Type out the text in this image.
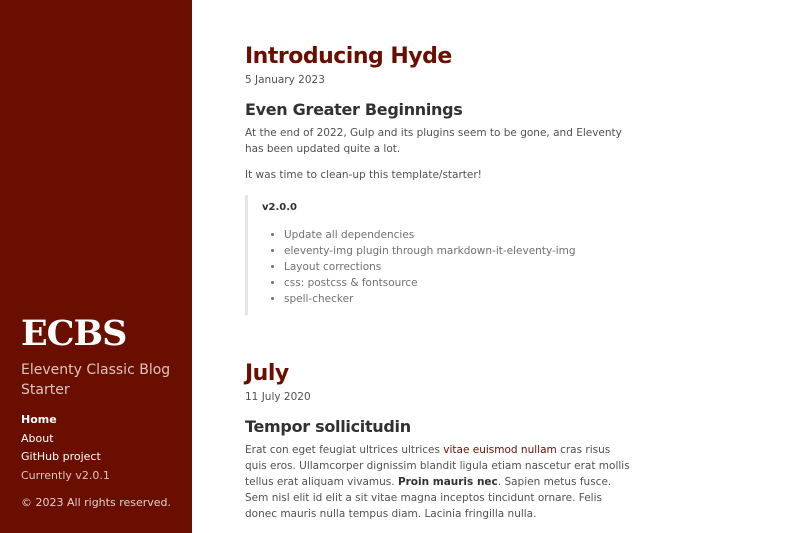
ECBS

Eleventy Classic Blog Starter

Home
About
GitHub project
Currently v2.0.1

© 2023 All rights reserved.

Introducing Hyde

5 January 2023

Even Greater Beginnings

At the end of 2022, Gulp and its plugins seem to be gone, and Eleventy has been updated quite a lot.

It was time to clean-up this template/starter!

v2.0.0

• Update all dependencies
• eleventy-img plugin through markdown-it-eleventy-img
• Layout corrections
• css: postcss & fontsource
• spell-checker
July

11 July 2020

Tempor sollicitudin

Erat con eget feugiat ultrices ultrices vitae euismod nullam cras risus quis eros. Ullamcorper dignissim blandit ligula etiam nascetur erat mollis tellus erat aliquam vivamus. Proin mauris nec. Sapien metus fusce. Sem nisl elit id elit a sit vitae magna inceptos tincidunt ornare. Felis donec mauris nulla tempus diam. Lacinia fringilla nulla.
